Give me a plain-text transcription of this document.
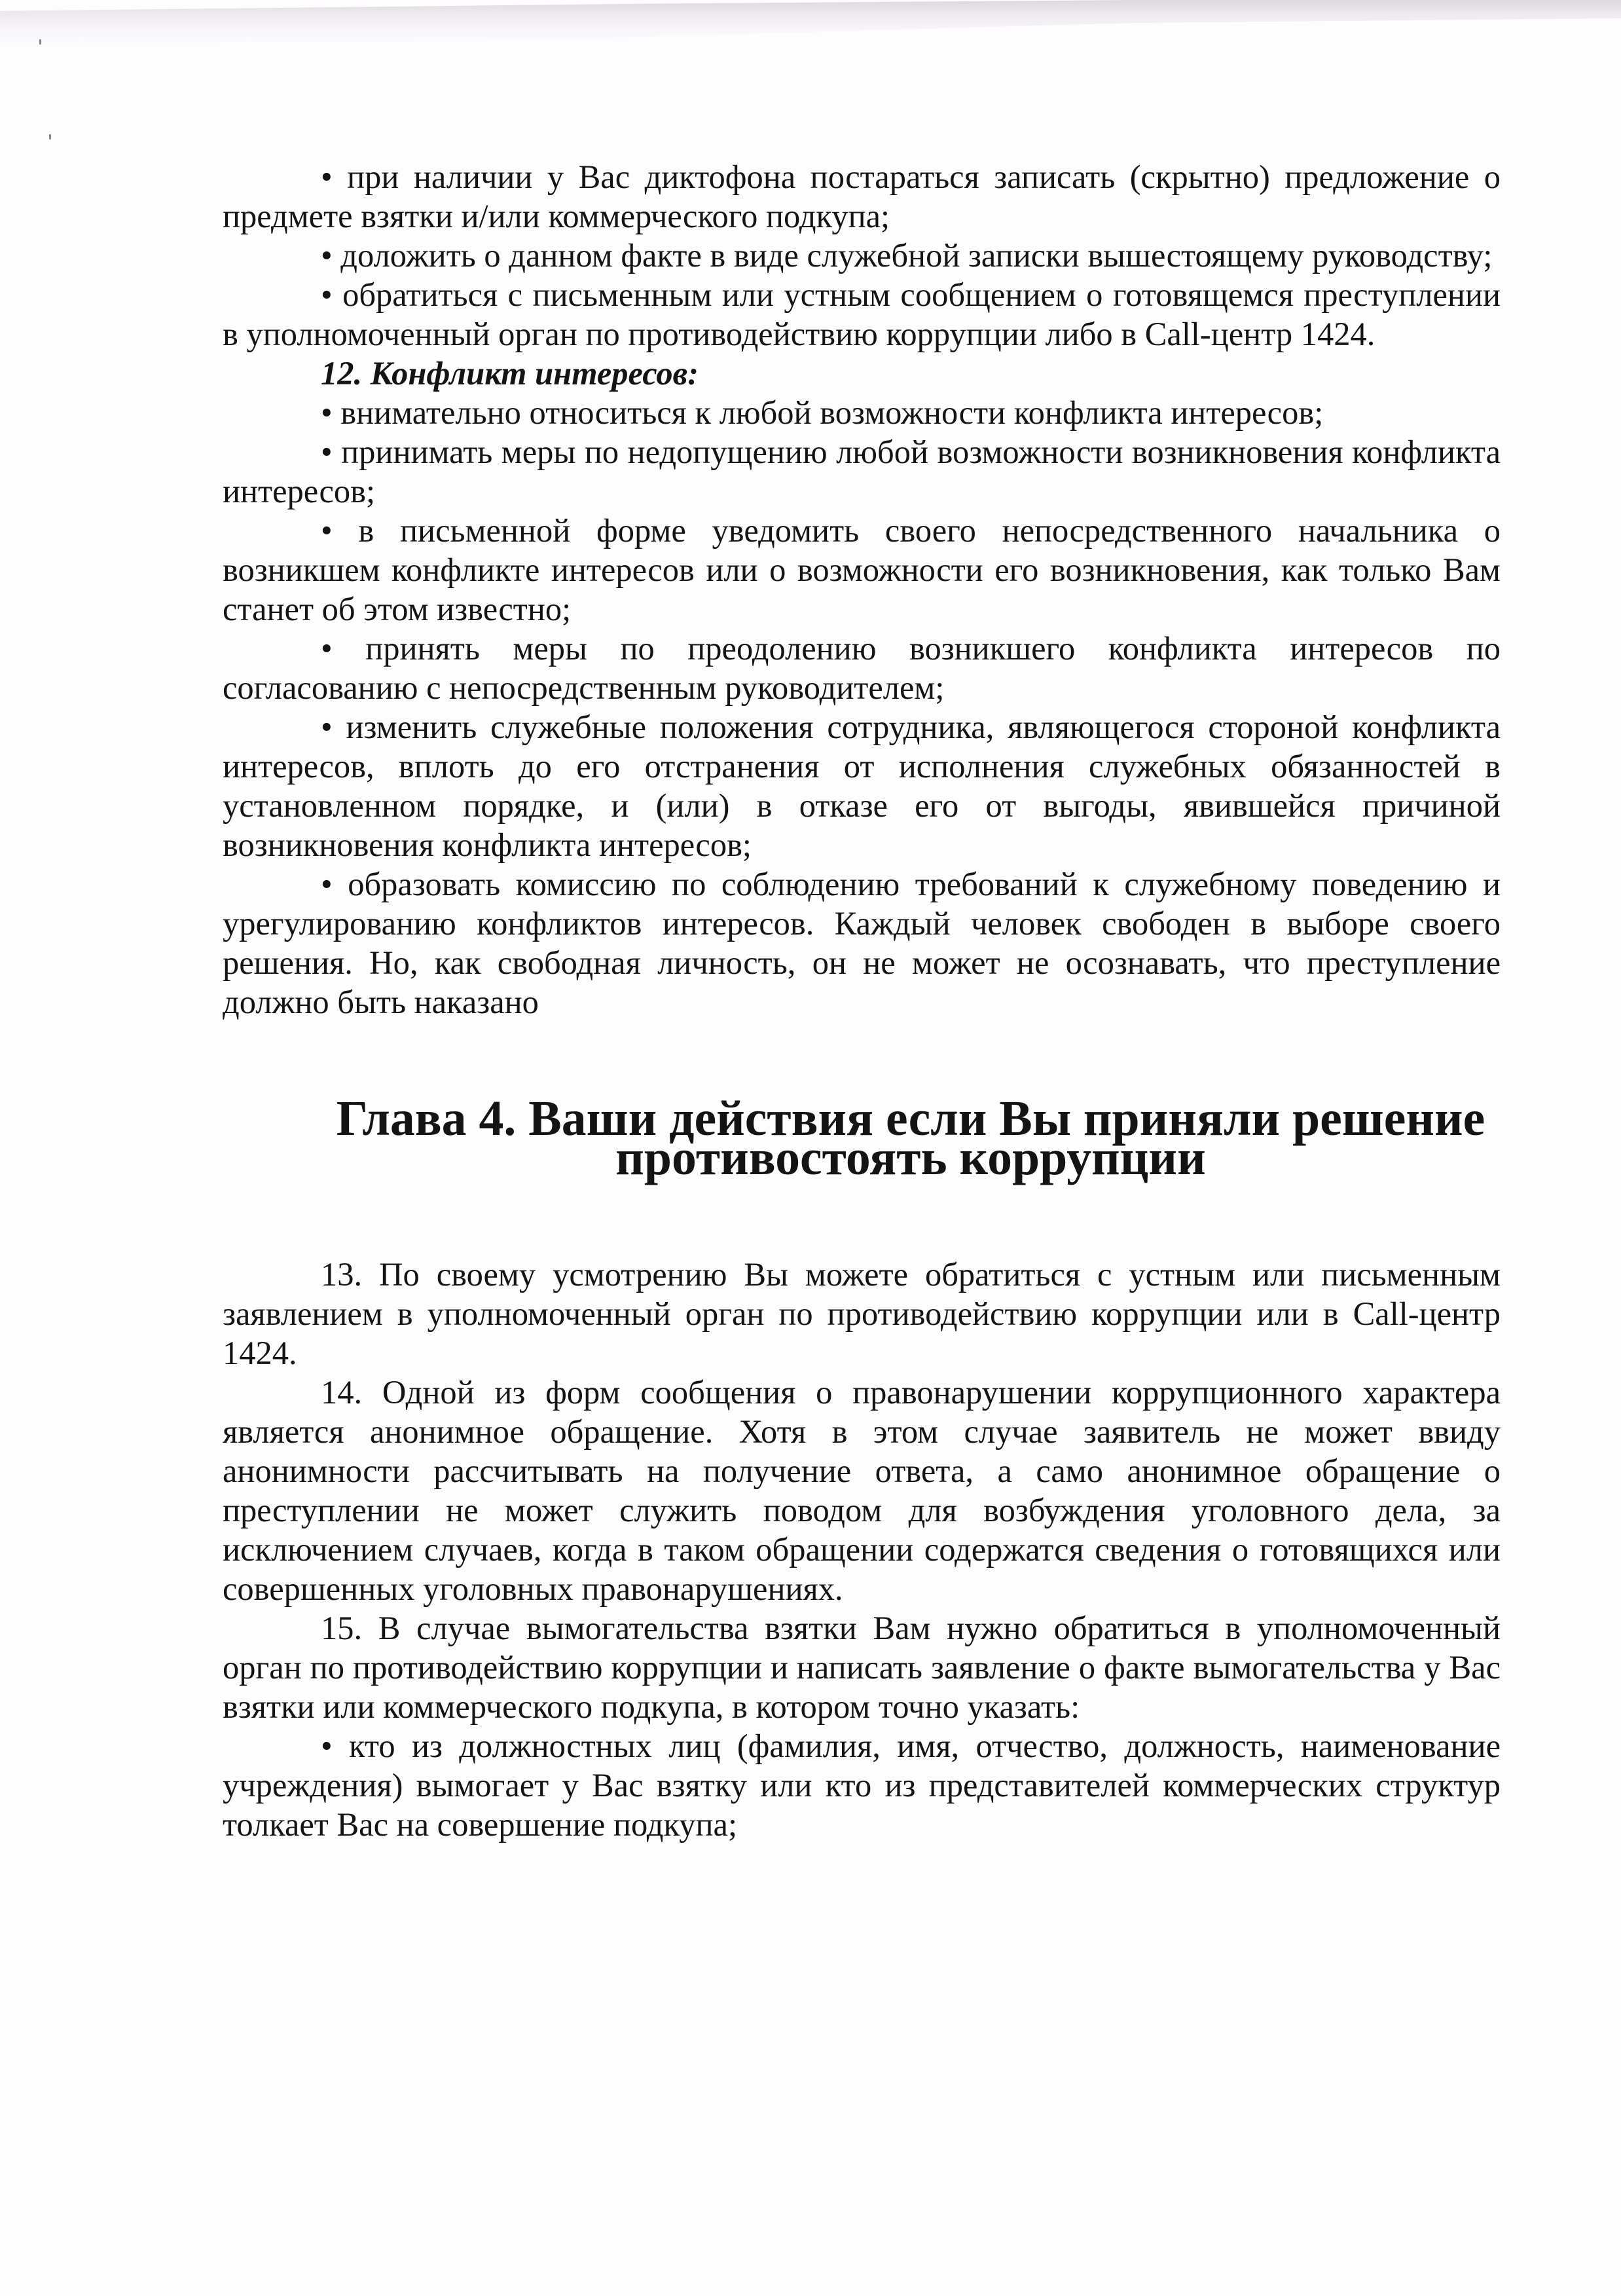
• при наличии у Вас диктофона постараться записать (скрытно) предложение о предмете взятки и/или коммерческого подкупа;

• доложить о данном факте в виде служебной записки вышестоящему руководству;

• обратиться с письменным или устным сообщением о готовящемся преступлении в уполномоченный орган по противодействию коррупции либо в Call-центр 1424.

12. Конфликт интересов:

• внимательно относиться к любой возможности конфликта интересов;

• принимать меры по недопущению любой возможности возникновения конфликта интересов;

• в письменной форме уведомить своего непосредственного начальника о возникшем конфликте интересов или о возможности его возникновения, как только Вам станет об этом известно;

• принять меры по преодолению возникшего конфликта интересов по согласованию с непосредственным руководителем;

• изменить служебные положения сотрудника, являющегося стороной конфликта интересов, вплоть до его отстранения от исполнения служебных обязанностей в установленном порядке, и (или) в отказе его от выгоды, явившейся причиной возникновения конфликта интересов;

• образовать комиссию по соблюдению требований к служебному поведению и урегулированию конфликтов интересов. Каждый человек свободен в выборе своего решения. Но, как свободная личность, он не может не осознавать, что преступление должно быть наказано

Глава 4. Ваши действия если Вы приняли решение противостоять коррупции

13. По своему усмотрению Вы можете обратиться с устным или письменным заявлением в уполномоченный орган по противодействию коррупции или в Call-центр 1424.

14. Одной из форм сообщения о правонарушении коррупционного характера является анонимное обращение. Хотя в этом случае заявитель не может ввиду анонимности рассчитывать на получение ответа, а само анонимное обращение о преступлении не может служить поводом для возбуждения уголовного дела, за исключением случаев, когда в таком обращении содержатся сведения о готовящихся или совершенных уголовных правонарушениях.

15. В случае вымогательства взятки Вам нужно обратиться в уполномоченный орган по противодействию коррупции и написать заявление о факте вымогательства у Вас взятки или коммерческого подкупа, в котором точно указать:

• кто из должностных лиц (фамилия, имя, отчество, должность, наименование учреждения) вымогает у Вас взятку или кто из представителей коммерческих структур толкает Вас на совершение подкупа;
